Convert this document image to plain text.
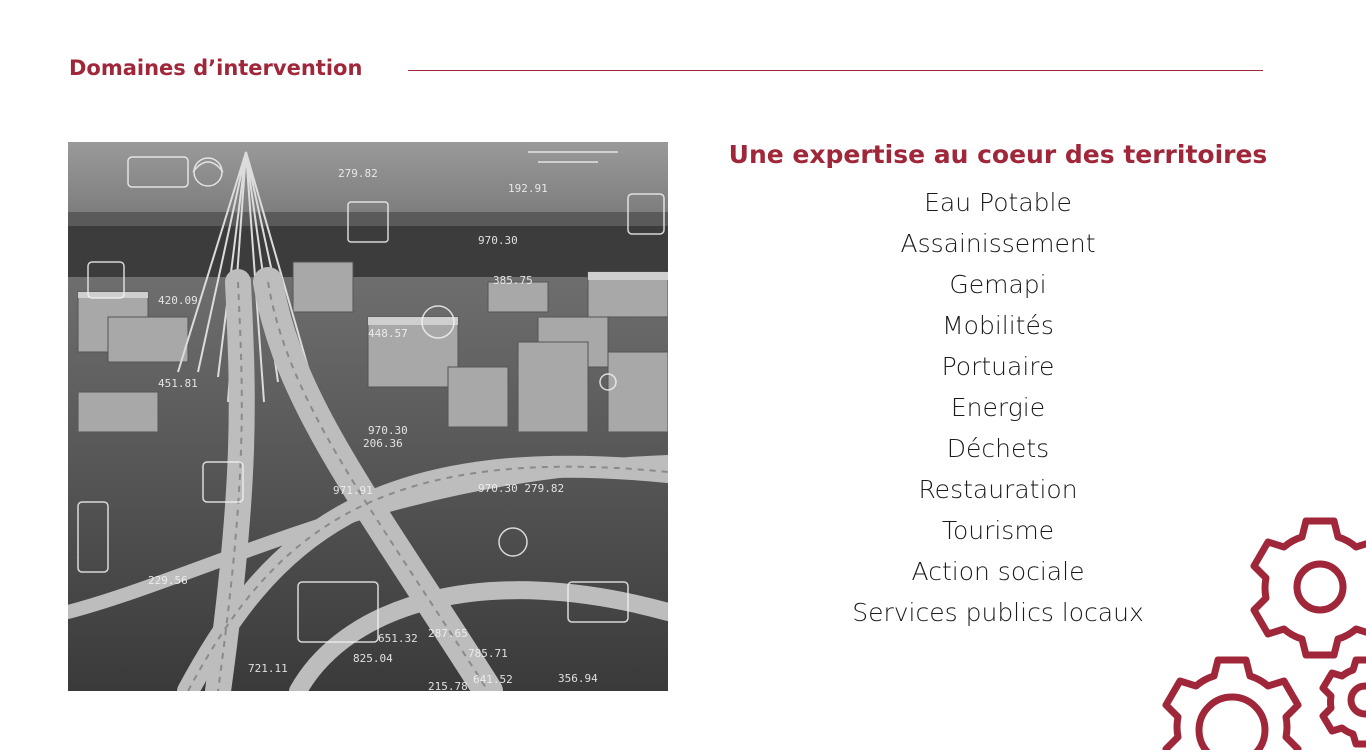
Domaines d’intervention
279.82
192.91
385.75
970.30
206.36
970.30
971.91	970.30 279.82
229.56
721.11
825.04
215.78
651.32 287.65
785.71
356.94
641.52
420.09
448.57
451.81
Une expertise au coeur des territoires
Eau Potable
Assainissement
Gemapi
Mobilités
Portuaire
Energie
Déchets
Restauration
Tourisme
Action sociale
Services publics locaux
